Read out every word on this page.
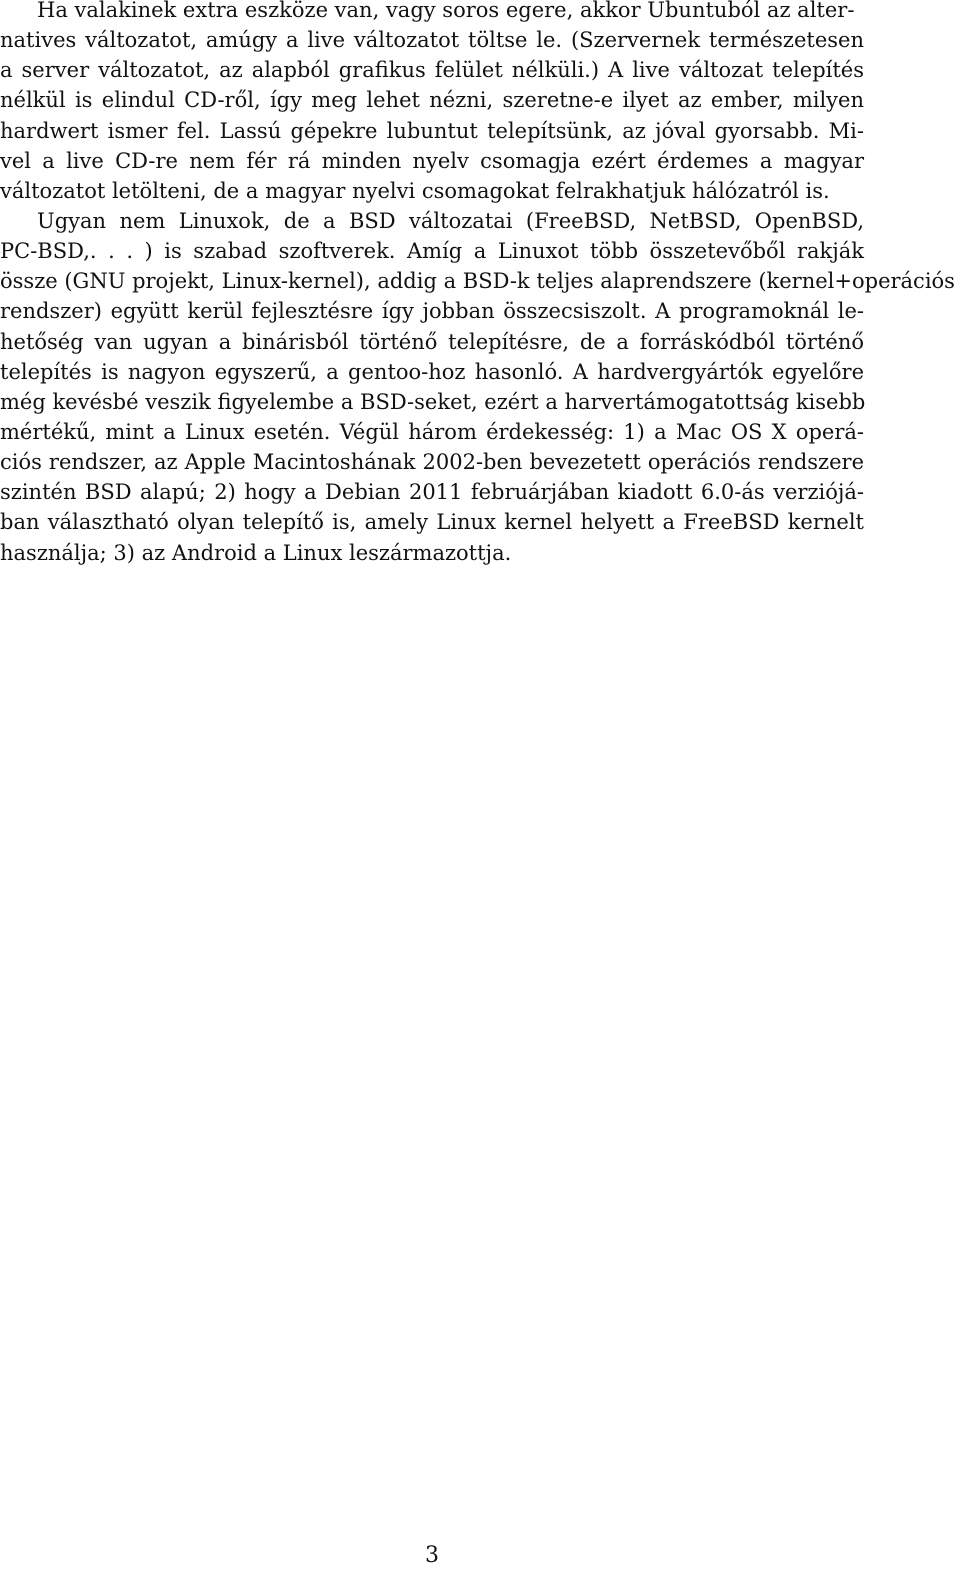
Ha valakinek extra eszköze van, vagy soros egere, akkor Ubuntuból az alter-
natives változatot, amúgy a live változatot töltse le. (Szervernek természetesen
a server változatot, az alapból grafikus felület nélküli.) A live változat telepítés
nélkül is elindul CD-ről, így meg lehet nézni, szeretne-e ilyet az ember, milyen
hardwert ismer fel. Lassú gépekre lubuntut telepítsünk, az jóval gyorsabb. Mi-
vel a live CD-re nem fér rá minden nyelv csomagja ezért érdemes a magyar
változatot letölteni, de a magyar nyelvi csomagokat felrakhatjuk hálózatról is.
Ugyan nem Linuxok, de a BSD változatai (FreeBSD, NetBSD, OpenBSD,
PC-BSD,. . . ) is szabad szoftverek. Amíg a Linuxot több összetevőből rakják
össze (GNU projekt, Linux-kernel), addig a BSD-k teljes alaprendszere (kernel+operációs
rendszer) együtt kerül fejlesztésre így jobban összecsiszolt. A programoknál le-
hetőség van ugyan a binárisból történő telepítésre, de a forráskódból történő
telepítés is nagyon egyszerű, a gentoo-hoz hasonló. A hardvergyártók egyelőre
még kevésbé veszik figyelembe a BSD-seket, ezért a harvertámogatottság kisebb
mértékű, mint a Linux esetén. Végül három érdekesség: 1) a Mac OS X operá-
ciós rendszer, az Apple Macintoshának 2002-ben bevezetett operációs rendszere
szintén BSD alapú; 2) hogy a Debian 2011 februárjában kiadott 6.0-ás verziójá-
ban választható olyan telepítő is, amely Linux kernel helyett a FreeBSD kernelt
használja; 3) az Android a Linux leszármazottja.
3
